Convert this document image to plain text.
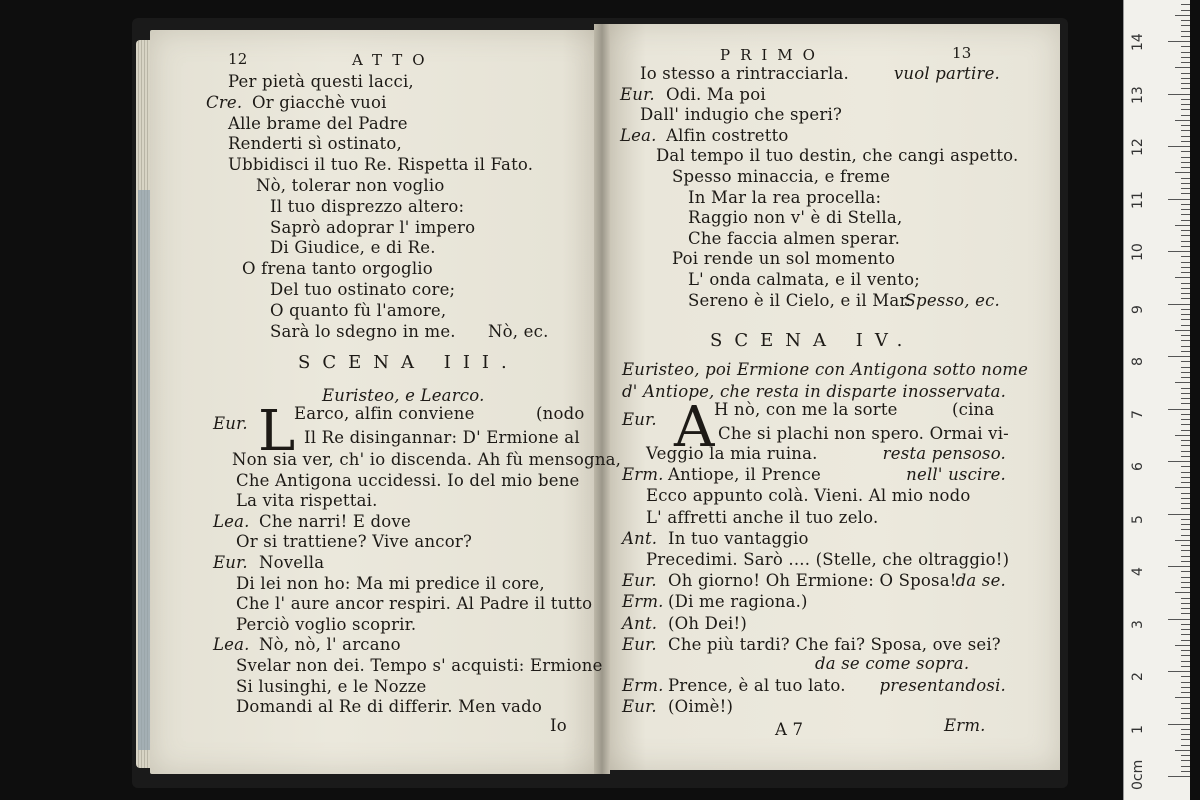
12	ATTO
Per pietà questi lacci,
Cre. Or giacchè vuoi
Alle brame del Padre
Renderti sì ostinato,
Ubbidisci il tuo Re. Rispetta il Fato.
Nò, tolerar non voglio
Il tuo disprezzo altero:
Saprò adoprar l' impero
Di Giudice, e di Re.
O frena tanto orgoglio
Del tuo ostinato core;
O quanto fù l'amore,
Sarà lo sdegno in me. Nò, ec.
SCENA III.
Euristeo, e Learco.
Eur. L
Earco, alfin conviene	(nodo
Il Re disingannar: D' Ermione al
Non sia ver, ch' io discenda. Ah fù mensogna,
Che Antigona uccidessi. Io del mio bene
La vita rispettai.
Lea. Che narri! E dove
Or si trattiene? Vive ancor?
Eur. Novella
Di lei non ho: Ma mi predice il core,
Che l' aure ancor respiri. Al Padre il tutto
Perciò voglio scoprir.
Lea. Nò, nò, l' arcano
Svelar non dei. Tempo s' acquisti: Ermione
Si lusinghi, e le Nozze
Domandi al Re di differir. Men vado
Io
PRIMO	13
Io stesso a rintracciarla.	vuol partire.
Eur. Odi. Ma poi
Dall' indugio che speri?
Lea. Alfin costretto
Dal tempo il tuo destin, che cangi aspetto.
Spesso minaccia, e freme
In Mar la rea procella:
Raggio non v' è di Stella,
Che faccia almen sperar.
Poi rende un sol momento
L' onda calmata, e il vento;
Sereno è il Cielo, e il Mar.
Spesso, ec.
SCENA IV.
Euristeo, poi Ermione con Antigona sotto nome
d' Antiope, che resta in disparte inosservata.
Eur. A H nò, con me la sorte	(cina
Che si plachi non spero. Ormai vi-
Veggio la mia ruina.	resta pensoso.
Erm. Antiope, il Prence	nell' uscire.
Ecco appunto colà. Vieni. Al mio nodo
L' affretti anche il tuo zelo.
Ant. In tuo vantaggio
Precedimi. Sarò .... (Stelle, che oltraggio!)
Eur. Oh giorno! Oh Ermione: O Sposa! da se.
Erm. (Di me ragiona.)
Ant. (Oh Dei!)
Eur. Che più tardi? Che fai? Sposa, ove sei?
da se come sopra.
Erm. Prence, è al tuo lato. presentandosi.
Eur. (Oimè!)
A 7	Erm.	1
2
3
4
5
6
7
8
9
10
11
12
13
14
0cm
